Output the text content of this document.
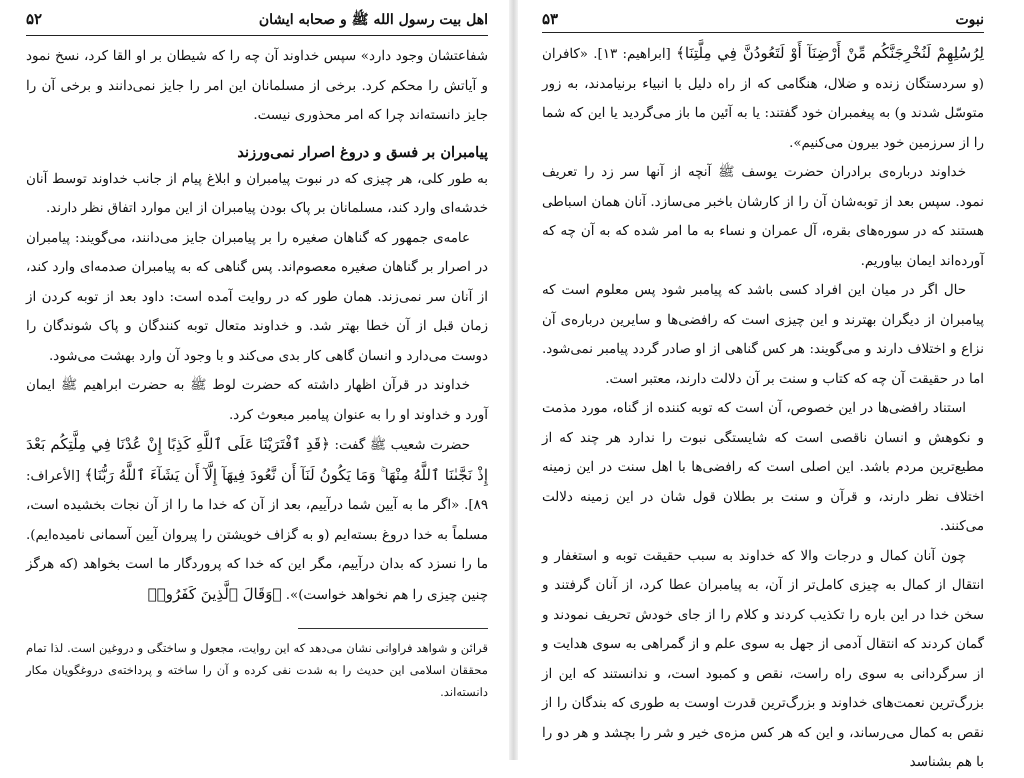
اهل بیت رسول الله ﷺ و صحابه ایشان
۵۲

شفاعتشان وجود دارد» سپس خداوند آن چه را که شیطان بر او القا کرد، نسخ نمود و آیاتش را محکم کرد. برخی از مسلمانان این امر را جایز نمی‌دانند و برخی آن را جایز دانسته‌اند چرا که امر محذوری نیست.

پیامبران بر فسق و دروغ اصرار نمی‌ورزند

به طور کلی، هر چیزی که در نبوت پیامبران و ابلاغ پیام از جانب خداوند توسط آنان خدشه‌ای وارد کند، مسلمانان بر پاک بودن پیامبران از این موارد اتفاق نظر دارند.

عامه‌ی جمهور که گناهان صغیره را بر پیامبران جایز می‌دانند، می‌گویند: پیامبران در اصرار بر گناهان صغیره معصوم‌اند. پس گناهی که به پیامبران صدمه‌ای وارد کند، از آنان سر نمی‌زند. همان طور که در روایت آمده است: داود بعد از توبه کردن از زمان قبل از آن خطا بهتر شد. و خداوند متعال توبه کنندگان و پاک شوندگان را دوست می‌دارد و انسان گاهی کار بدی می‌کند و با وجود آن وارد بهشت می‌شود.

خداوند در قرآن اظهار داشته که حضرت لوط ﷺ به حضرت ابراهیم ﷺ ایمان آورد و خداوند او را به عنوان پیامبر مبعوث کرد.

حضرت شعیب ﷺ گفت: ﴿قَدِ ٱفْتَرَيْنَا عَلَى ٱللَّهِ كَذِبًا إِنْ عُدْنَا فِي مِلَّتِكُم بَعْدَ إِذْ نَجَّىٰنَا ٱللَّهُ مِنْهَا ۚ وَمَا يَكُونُ لَنَآ أَن نَّعُودَ فِيهَآ إِلَّآ أَن يَشَآءَ ٱللَّهُ رَبُّنَا﴾ [الأعراف: ۸۹]. «اگر ما به آیین شما درآییم، بعد از آن که خدا ما را از آن نجات بخشیده است، مسلماً به خدا دروغ بسته‌ایم (و به گزاف خویشتن را پیروان آیین آسمانی نامیده‌ایم). ما را نسزد که بدان درآییم، مگر این که خدا که پروردگار ما است بخواهد (که هرگز چنین چیزی را هم نخواهد خواست)». ﴿وَقَالَ ٱلَّذِينَ كَفَرُوا۟

قرائن و شواهد فراوانی نشان می‌دهد که این روایت، مجعول و ساختگی و دروغین است. لذا تمام محققان اسلامی این حدیث را به شدت نفی کرده و آن را ساخته و پرداخته‌ی دروغگویان مکار دانسته‌اند.

نبوت
۵۳

لِرُسُلِهِمْ لَنُخْرِجَنَّكُم مِّنْ أَرْضِنَآ أَوْ لَتَعُودُنَّ فِي مِلَّتِنَا﴾ [ابراهیم: ۱۳]. «کافران (و سردستگان زنده و ضلال، هنگامی که از راه دلیل با انبیاء برنیامدند، به زور متوسّل شدند و) به پیغمبران خود گفتند: یا به آئین ما باز می‌گردید یا این که شما را از سرزمین خود بیرون می‌کنیم».

خداوند درباره‌ی برادران حضرت یوسف ﷺ آنچه از آنها سر زد را تعریف نمود. سپس بعد از توبه‌شان آن را از کارشان باخبر می‌سازد. آنان همان اسباطی هستند که در سوره‌های بقره، آل عمران و نساء به ما امر شده که به آن چه که آورده‌اند ایمان بیاوریم.

حال اگر در میان این افراد کسی باشد که پیامبر شود پس معلوم است که پیامبران از دیگران بهترند و این چیزی است که رافضی‌ها و سایرین درباره‌ی آن نزاع و اختلاف دارند و می‌گویند: هر کس گناهی از او صادر گردد پیامبر نمی‌شود. اما در حقیقت آن چه که کتاب و سنت بر آن دلالت دارند، معتبر است.

استناد رافضی‌ها در این خصوص، آن است که توبه کننده از گناه، مورد مذمت و نکوهش و انسان ناقصی است که شایستگی نبوت را ندارد هر چند که از مطیع‌ترین مردم باشد. این اصلی است که رافضی‌ها با اهل سنت در این زمینه اختلاف نظر دارند، و قرآن و سنت بر بطلان قول شان در این زمینه دلالت می‌کنند.

چون آنان کمال و درجات والا که خداوند به سبب حقیقت توبه و استغفار و انتقال از کمال به چیزی کامل‌تر از آن، به پیامبران عطا کرد، از آنان گرفتند و سخن خدا در این باره را تکذیب کردند و کلام را از جای خودش تحریف نمودند و گمان کردند که انتقال آدمی از جهل به سوی علم و از گمراهی به سوی هدایت و از سرگردانی به سوی راه راست، نقص و کمبود است، و ندانستند که این از بزرگ‌ترین نعمت‌های خداوند و بزرگ‌ترین قدرت اوست به طوری که بندگان را از نقص به کمال می‌رساند، و این که هر کس مزه‌ی خیر و شر را بچشد و هر دو را با هم بشناسد
